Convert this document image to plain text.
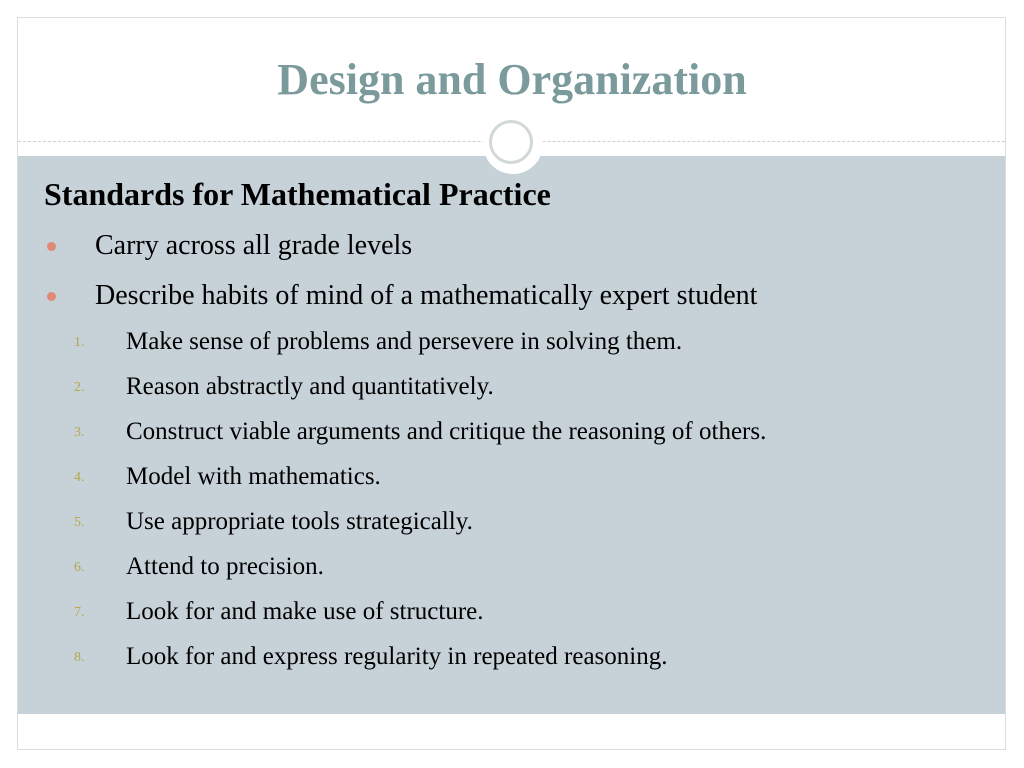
Design and Organization
Standards for Mathematical Practice
Carry across all grade levels
Describe habits of mind of a mathematically expert student
1. Make sense of problems and persevere in solving them.
2. Reason abstractly and quantitatively.
3. Construct viable arguments and critique the reasoning of others.
4. Model with mathematics.
5. Use appropriate tools strategically.
6. Attend to precision.
7. Look for and make use of structure.
8. Look for and express regularity in repeated reasoning.
